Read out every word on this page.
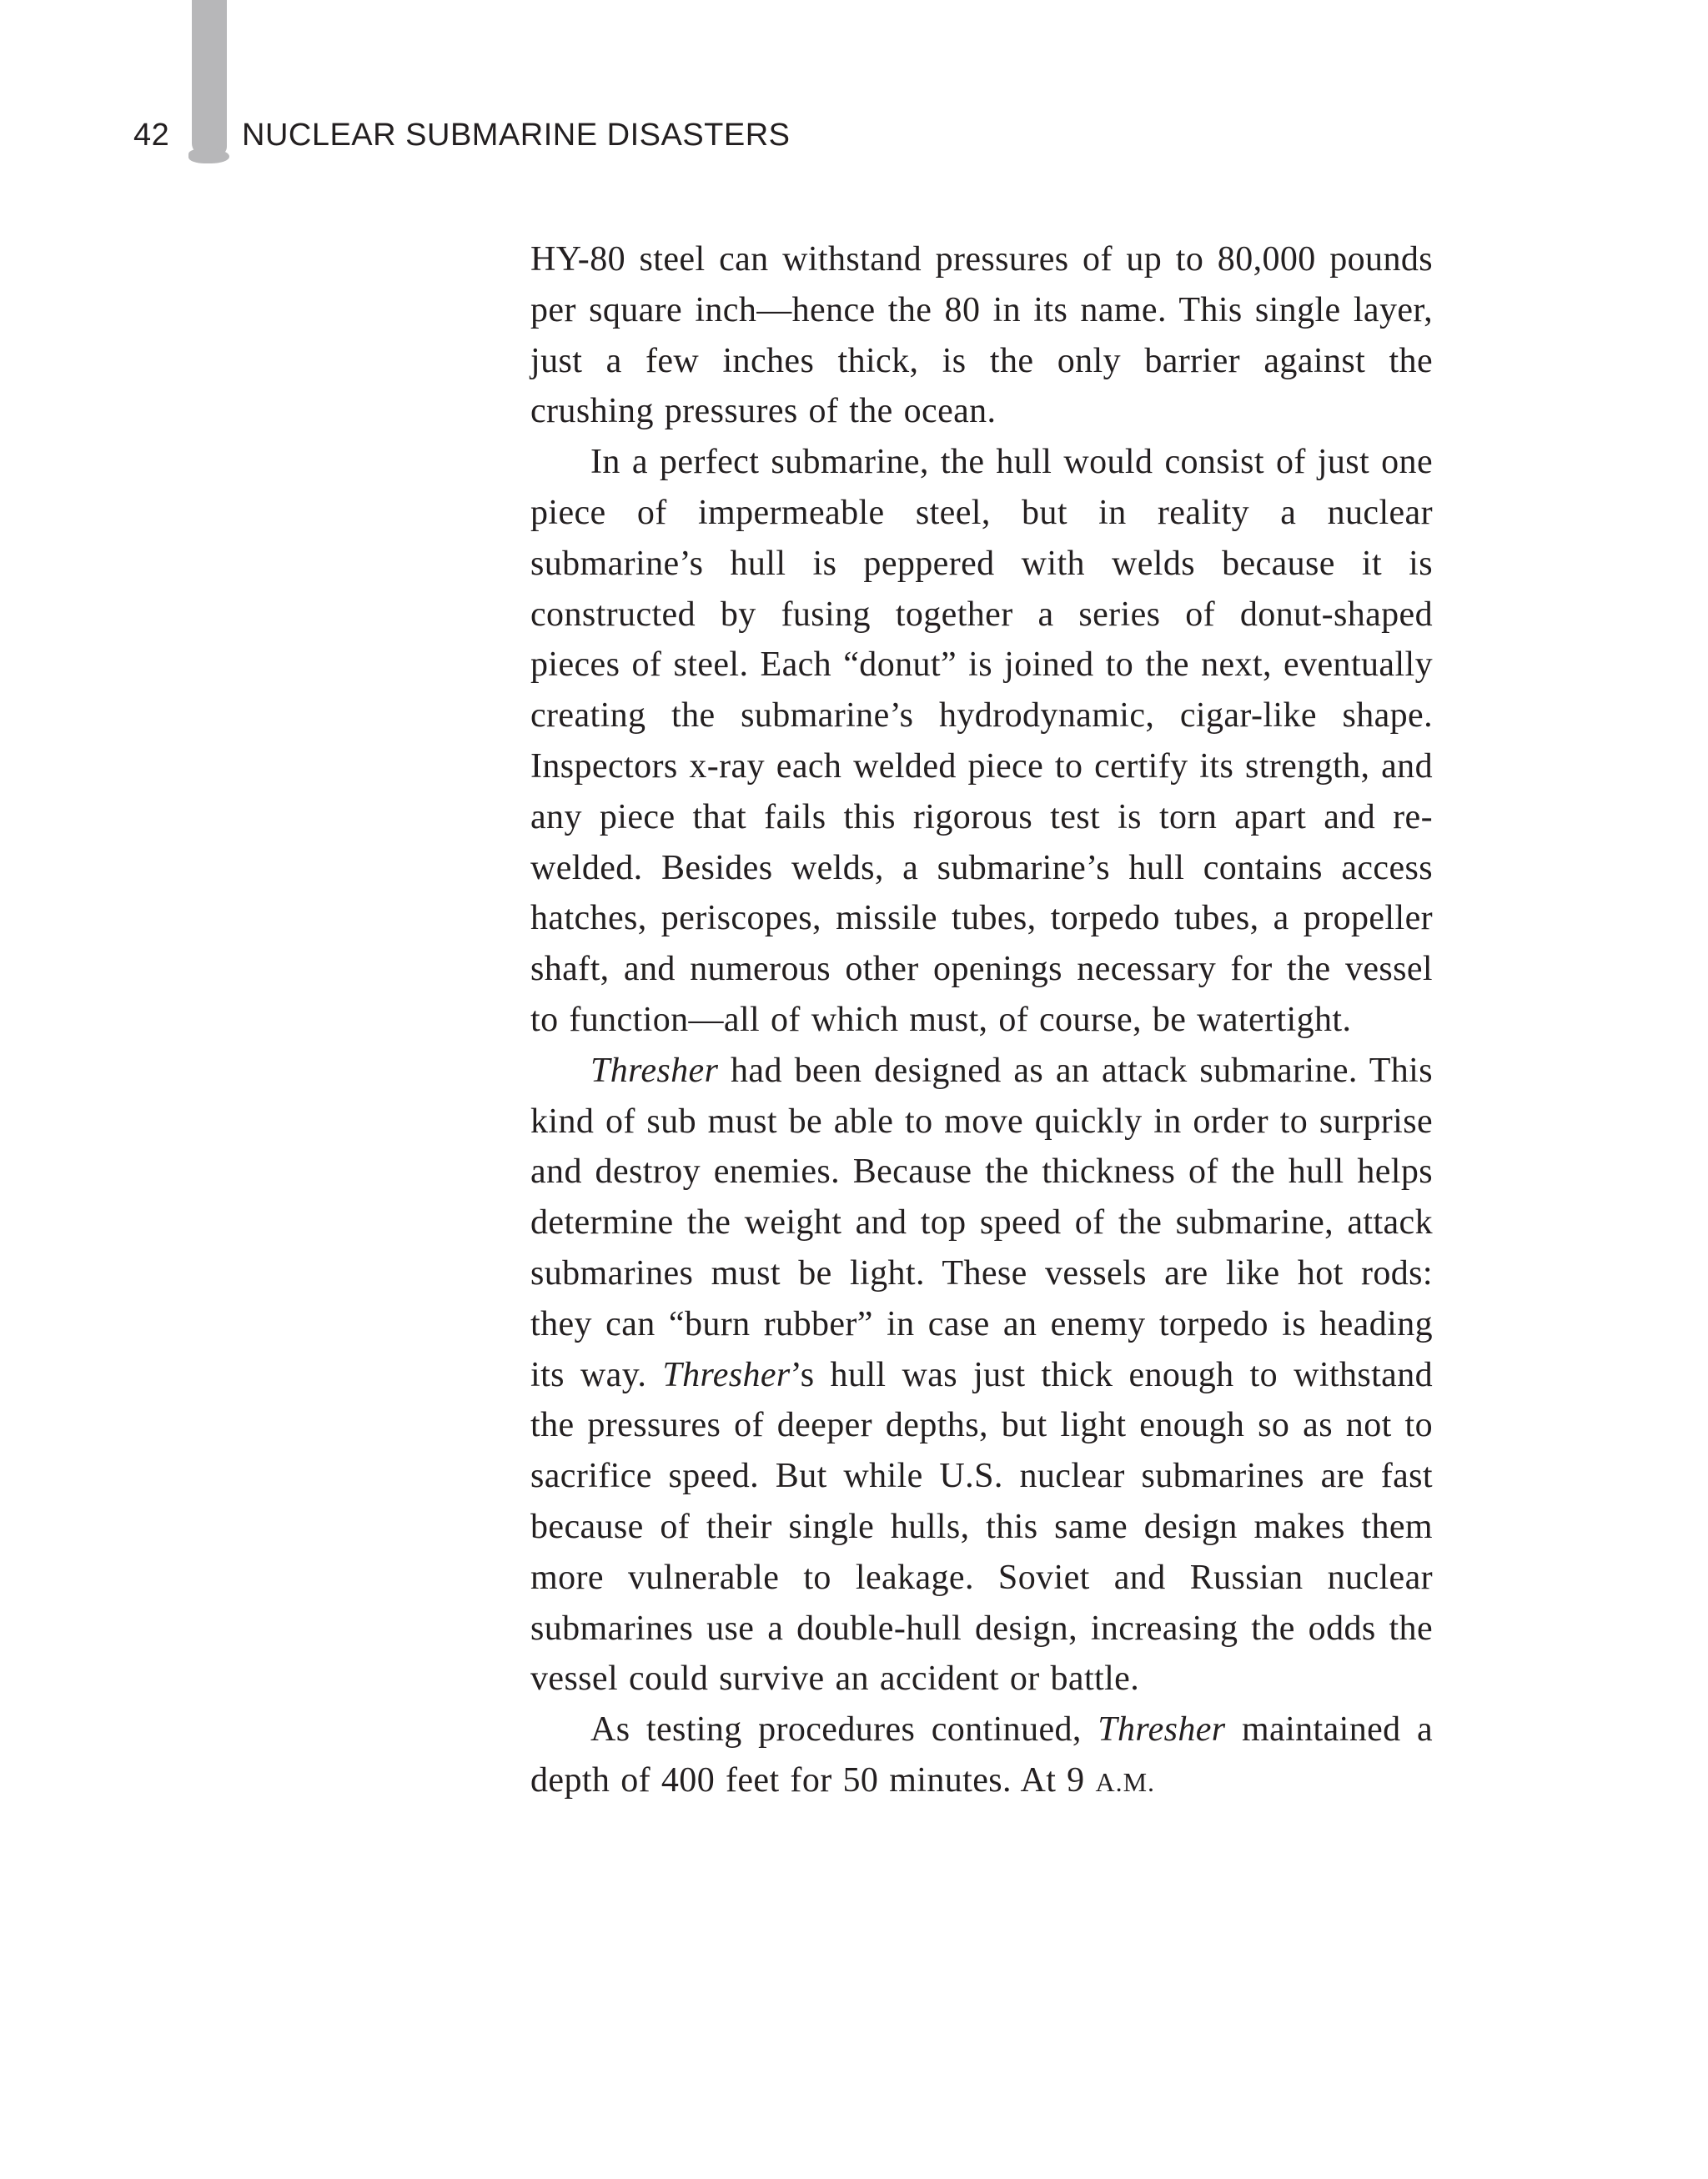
42	NUCLEAR SUBMARINE DISASTERS

HY-80 steel can withstand pressures of up to 80,000 pounds per square inch—hence the 80 in its name. This single layer, just a few inches thick, is the only barrier against the crushing pressures of the ocean.

In a perfect submarine, the hull would consist of just one piece of impermeable steel, but in reality a nuclear submarine’s hull is peppered with welds because it is constructed by fusing together a series of donut-shaped pieces of steel. Each “donut” is joined to the next, eventually creating the submarine’s hydrodynamic, cigar-like shape. Inspectors x-ray each welded piece to certify its strength, and any piece that fails this rigorous test is torn apart and re-welded. Besides welds, a submarine’s hull contains access hatches, periscopes, missile tubes, torpedo tubes, a propeller shaft, and numerous other openings necessary for the vessel to function—all of which must, of course, be watertight.

Thresher had been designed as an attack submarine. This kind of sub must be able to move quickly in order to surprise and destroy enemies. Because the thickness of the hull helps determine the weight and top speed of the submarine, attack submarines must be light. These vessels are like hot rods: they can “burn rubber” in case an enemy torpedo is heading its way. Thresher’s hull was just thick enough to withstand the pressures of deeper depths, but light enough so as not to sacrifice speed. But while U.S. nuclear submarines are fast because of their single hulls, this same design makes them more vulnerable to leakage. Soviet and Russian nuclear submarines use a double-hull design, increasing the odds the vessel could survive an accident or battle.

As testing procedures continued, Thresher maintained a depth of 400 feet for 50 minutes. At 9 A.M.
